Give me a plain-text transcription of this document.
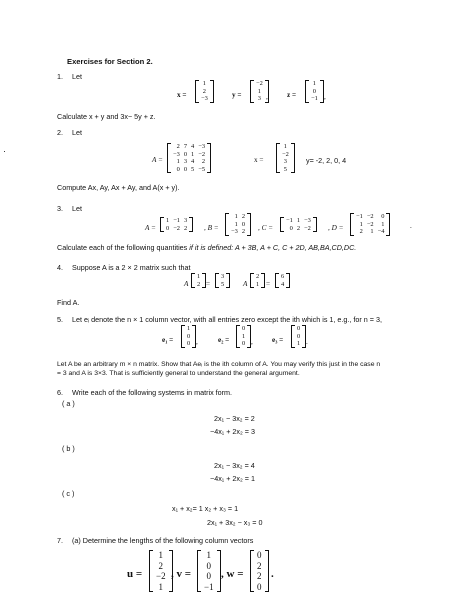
·
Exercises for Section 2.
1. Let
x =
1
2
−3	y =
−2
1
3 ,	z =
1
0
−1 ,
Calculate x + y and 3x− 5y + z.
2. Let
A =
2	7	4	−3
−3	0	1	−2
1	3	4	2
0	0	5	−5
x =
1
−2
3
5
y= -2, 2, 0, 4
Compute Ax, Ay, Ax + Ay, and A(x + y).
3. Let
A =
1	−1	3
0	−2	2 , B =
1	2
1	0
−3	2 , C =
−1	1	−3
0	2	−2 , D =
−1	−2	0
1	−2	1
2	1	−4
.
Calculate each of the following quantities if it is defined: A + 3B, A + C, C + 2D, AB,BA,CD,DC.
4. Suppose A is a 2 × 2 matrix such that
A
1
2 =
3
5	A
2
1 =
6
4
Find A.
5. Let eᵢ denote the n × 1 column vector, with all entries zero except the ith which is 1, e.g., for n = 3,
e₁ =
1
0
0 ,	e₂ =
0
1
0 ,	e₃ =
0
0
1 .
Let A be an arbitrary m × n matrix. Show that Aeᵢ is the ith column of A. You may verify this just in the case n
= 3 and A is 3×3. That is sufficiently general to understand the general argument.
6. Write each of the following systems in matrix form.
( a )
2x₁ − 3x₂ = 2
−4x₁ + 2x₂ = 3
( b )
2x₁ − 3x₂ = 4
−4x₁ + 2x₂ = 1
( c )
x₁ + x₂= 1 x₂ + x₃ = 1
2x₁ + 3x₂ − x₃ = 0
7. (a) Determine the lengths of the following column vectors
u =
1
2
−2
1
, v =
1
0
0
−1
, w =
0
2
2
0
.
